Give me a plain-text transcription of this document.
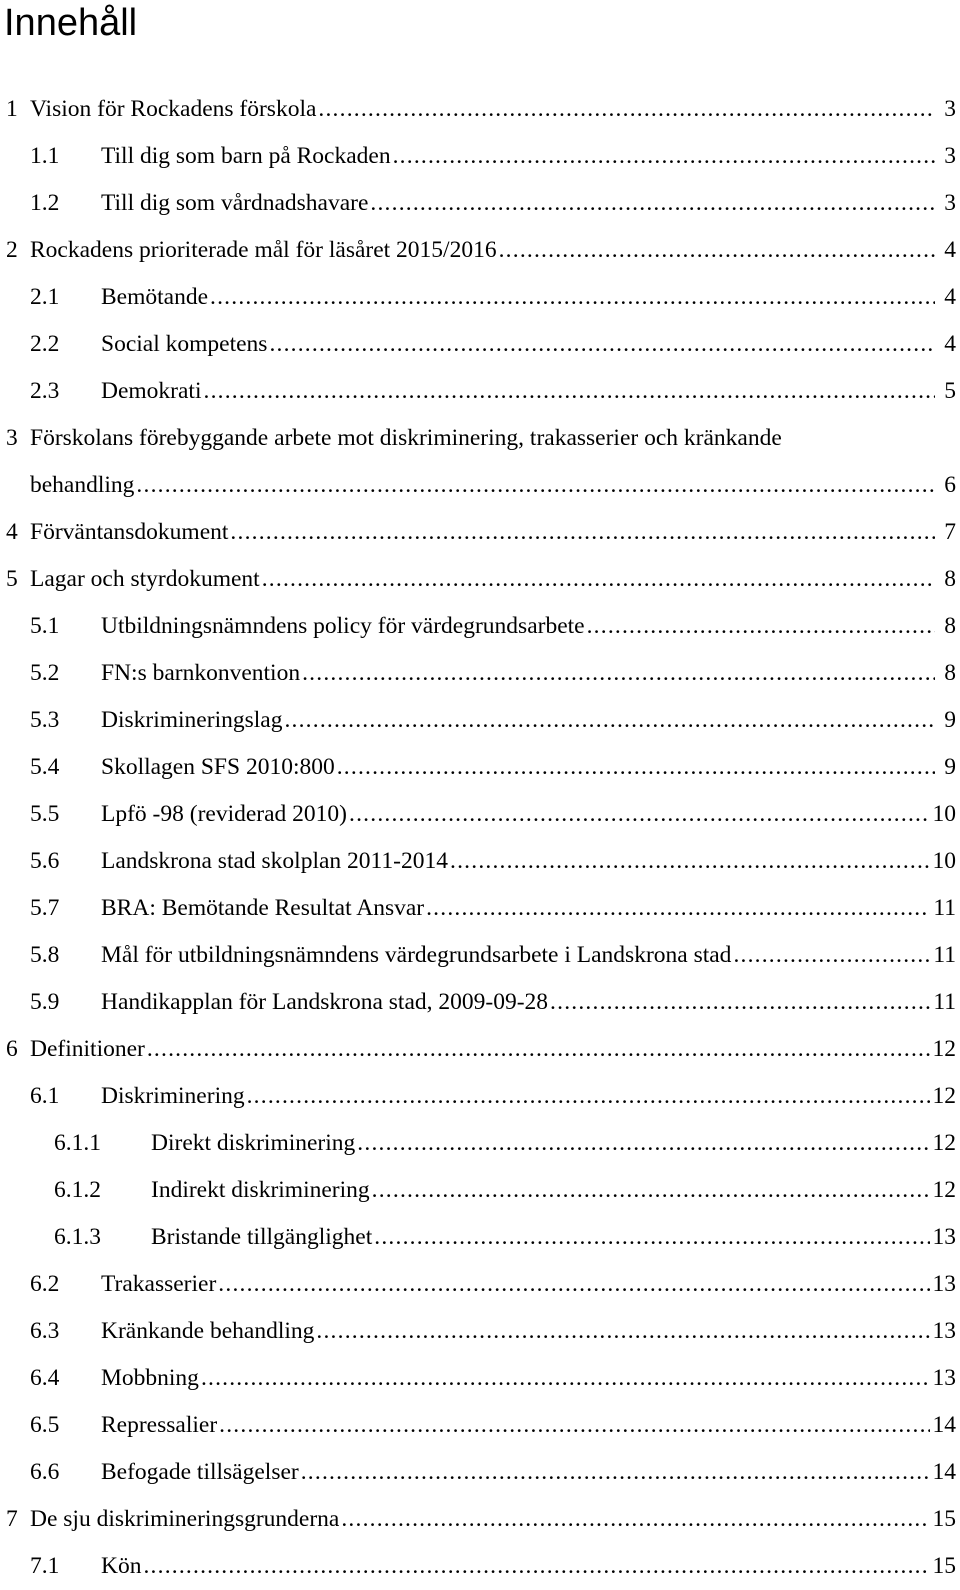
Innehåll
1 Vision för Rockadens förskola .....	3
1.1 Till dig som barn på Rockaden .....	3
1.2 Till dig som vårdnadshavare .....	3
2 Rockadens prioriterade mål för läsåret 2015/2016 .....	4
2.1 Bemötande .....	4
2.2 Social kompetens .....	4
2.3 Demokrati .....	5
3 Förskolans förebyggande arbete mot diskriminering, trakasserier och kränkande
behandling .....	6
4 Förväntansdokument .....	7
5 Lagar och styrdokument .....	8
5.1 Utbildningsnämndens policy för värdegrundsarbete .....	8
5.2 FN:s barnkonvention .....	8
5.3 Diskrimineringslag .....	9
5.4 Skollagen SFS 2010:800 .....	9
5.5 Lpfö -98 (reviderad 2010) .....	10
5.6 Landskrona stad skolplan 2011-2014 .....	10
5.7 BRA: Bemötande Resultat Ansvar .....	11
5.8 Mål för utbildningsnämndens värdegrundsarbete i Landskrona stad .....	11
5.9 Handikapplan för Landskrona stad, 2009-09-28 .....	11
6 Definitioner .....	12
6.1 Diskriminering .....	12
6.1.1 Direkt diskriminering .....	12
6.1.2 Indirekt diskriminering .....	12
6.1.3 Bristande tillgänglighet .....	13
6.2 Trakasserier .....	13
6.3 Kränkande behandling .....	13
6.4 Mobbning .....	13
6.5 Repressalier .....	14
6.6 Befogade tillsägelser .....	14
7 De sju diskrimineringsgrunderna .....	15
7.1 Kön .....	15
